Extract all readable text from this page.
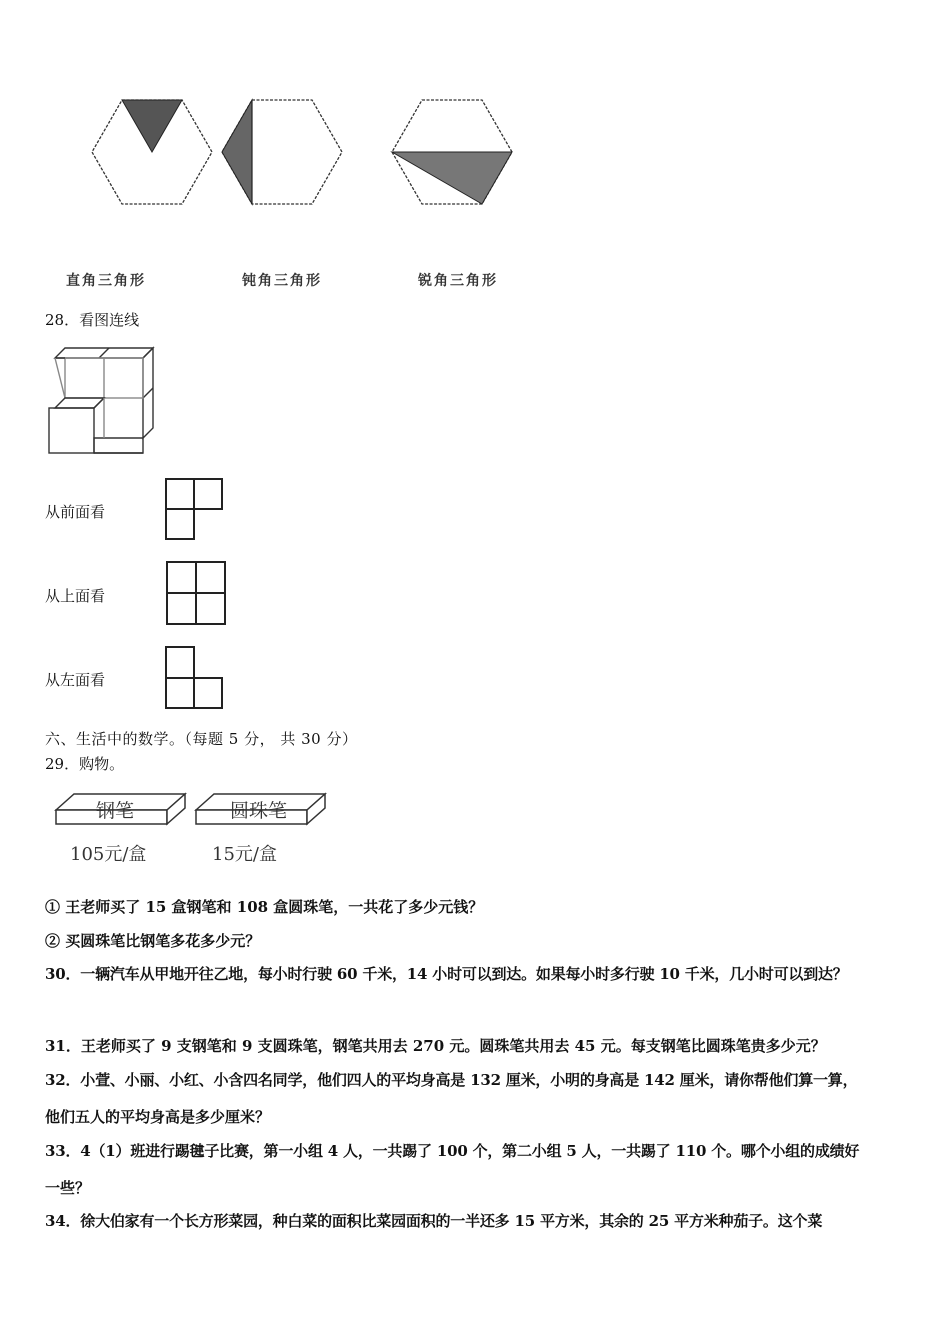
直角三角形	钝角三角形	锐角三角形
28．看图连线
从前面看
从上面看
从左面看
六、生活中的数学。（每题 5 分， 共 30 分）
29．购物。
钢笔	圆珠笔
105元/盒	15元/盒
① 王老师买了 15 盒钢笔和 108 盒圆珠笔，一共花了多少元钱？
② 买圆珠笔比钢笔多花多少元？
30．一辆汽车从甲地开往乙地，每小时行驶 60 千米，14 小时可以到达。如果每小时多行驶 10 千米，几小时可以到达？
31．王老师买了 9 支钢笔和 9 支圆珠笔，钢笔共用去 270 元。圆珠笔共用去 45 元。每支钢笔比圆珠笔贵多少元？
32．小萱、小丽、小红、小含四名同学，他们四人的平均身高是 132 厘米，小明的身高是 142 厘米，请你帮他们算一算，
他们五人的平均身高是多少厘米？
33．4（1）班进行踢毽子比赛，第一小组 4 人，一共踢了 100 个，第二小组 5 人，一共踢了 110 个。哪个小组的成绩好
一些？
34．徐大伯家有一个长方形菜园，种白菜的面积比菜园面积的一半还多 15 平方米，其余的 25 平方米种茄子。这个菜
